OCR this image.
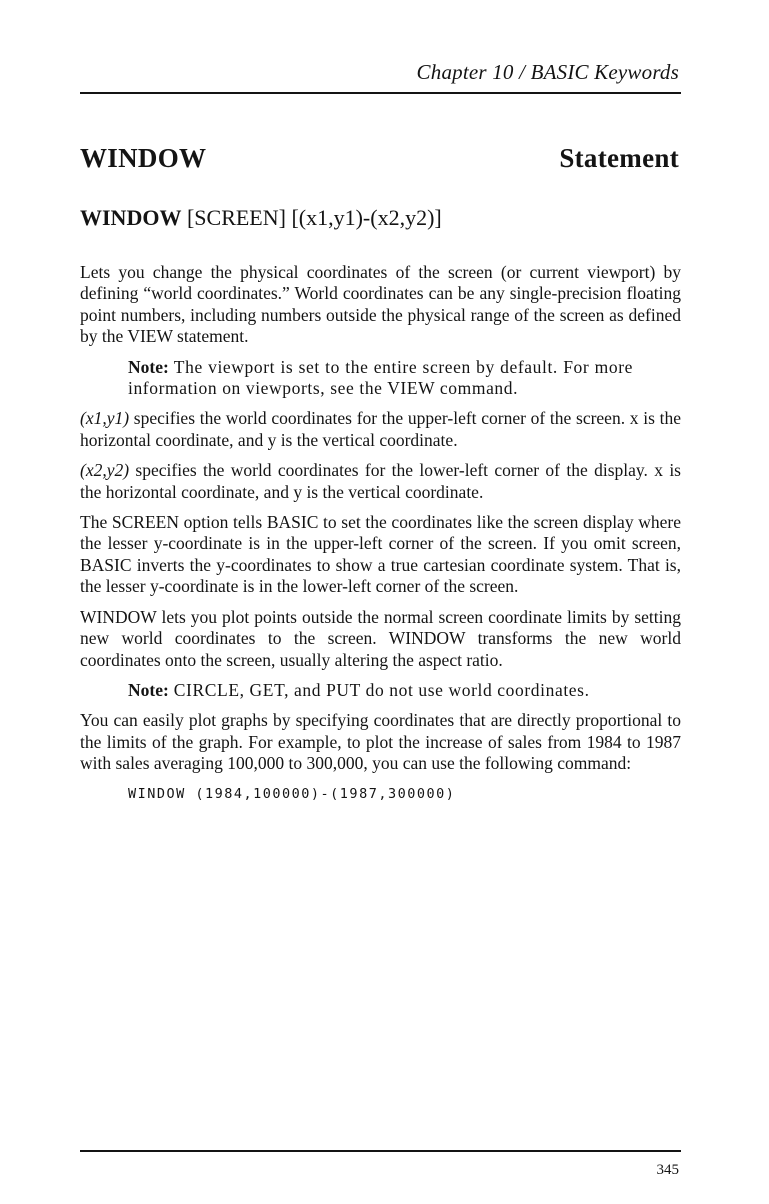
Chapter 10 / BASIC Keywords
WINDOW	Statement
WINDOW [SCREEN] [(x1,y1)-(x2,y2)]

Lets you change the physical coordinates of the screen (or current viewport) by defining “world coordinates.” World coordinates can be any single-precision floating point numbers, including numbers outside the physical range of the screen as defined by the VIEW statement.

Note: The viewport is set to the entire screen by default. For more information on viewports, see the VIEW command.

(x1,y1) specifies the world coordinates for the upper-left corner of the screen. x is the horizontal coordinate, and y is the vertical coordinate.

(x2,y2) specifies the world coordinates for the lower-left corner of the display. x is the horizontal coordinate, and y is the vertical coordinate.

The SCREEN option tells BASIC to set the coordinates like the screen display where the lesser y-coordinate is in the upper-left corner of the screen. If you omit screen, BASIC inverts the y-coordinates to show a true cartesian coordinate system. That is, the lesser y-coordinate is in the lower-left corner of the screen.

WINDOW lets you plot points outside the normal screen coordinate limits by setting new world coordinates to the screen. WINDOW transforms the new world coordinates onto the screen, usually altering the aspect ratio.

Note: CIRCLE, GET, and PUT do not use world coordinates.

You can easily plot graphs by specifying coordinates that are directly proportional to the limits of the graph. For example, to plot the increase of sales from 1984 to 1987 with sales averaging 100,000 to 300,000, you can use the following command:

WINDOW (1984,100000)-(1987,300000)
345
